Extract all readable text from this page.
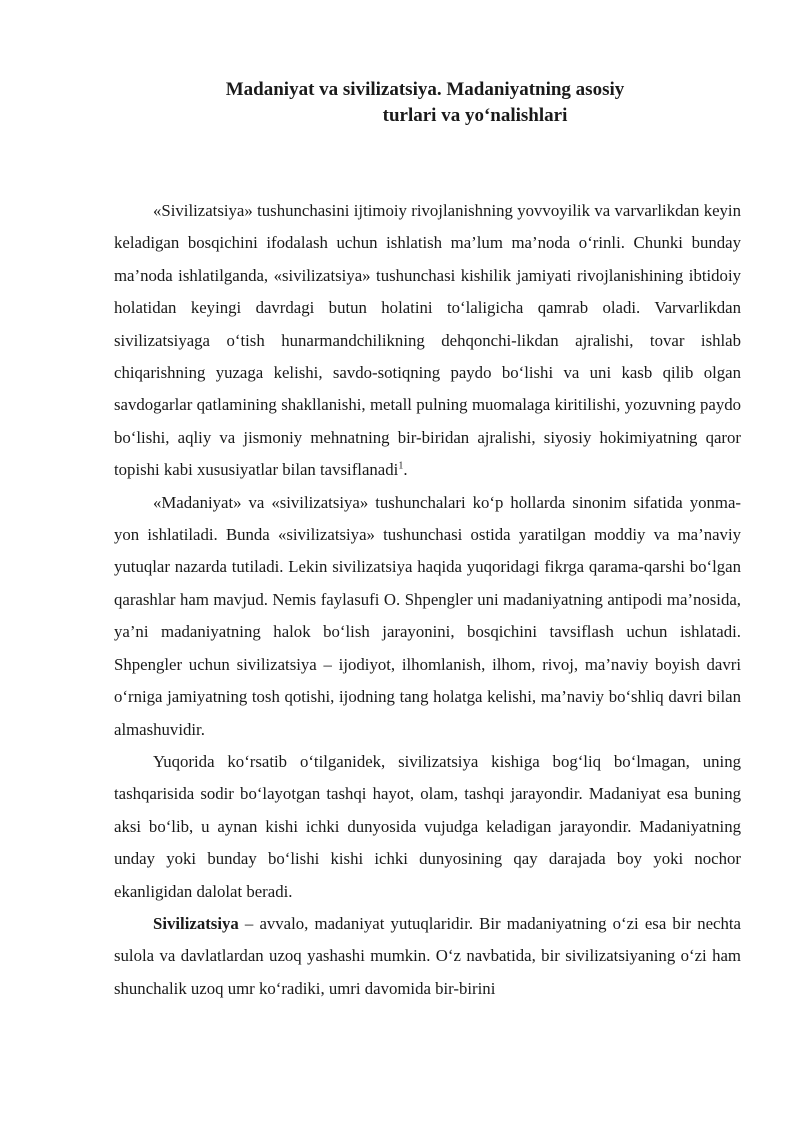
Madaniyat va sivilizatsiya. Madaniyatning asosiy
turlari va yo‘nalishlari

«Sivilizatsiya» tushunchasini ijtimoiy rivojlanishning yovvoyilik va varvarlikdan keyin keladigan bosqichini ifodalash uchun ishlatish ma’lum ma’noda o‘rinli. Chunki bunday ma’noda ishlatilganda, «sivilizatsiya» tushunchasi kishilik jamiyati rivojlanishining ibtidoiy holatidan keyingi davrdagi butun holatini to‘laligicha qamrab oladi. Varvarlikdan sivilizatsiyaga o‘tish hunarmandchilikning dehqonchi-likdan ajralishi, tovar ishlab chiqarishning yuzaga kelishi, savdo-sotiqning paydo bo‘lishi va uni kasb qilib olgan savdogarlar qatlamining shakllanishi, metall pulning muomalaga kiritilishi, yozuvning paydo bo‘lishi, aqliy va jismoniy mehnatning bir-biridan ajralishi, siyosiy hokimiyatning qaror topishi kabi xususiyatlar bilan tavsiflanadi$^1$.

«Madaniyat» va «sivilizatsiya» tushunchalari ko‘p hollarda sinonim sifatida yonma-yon ishlatiladi. Bunda «sivilizatsiya» tushunchasi ostida yaratilgan moddiy va ma’naviy yutuqlar nazarda tutiladi. Lekin sivilizatsiya haqida yuqoridagi fikrga qarama-qarshi bo‘lgan qarashlar ham mavjud. Nemis faylasufi O. Shpengler uni madaniyatning antipodi ma’nosida, ya’ni madaniyatning halok bo‘lish jarayonini, bosqichini tavsiflash uchun ishlatadi. Shpengler uchun sivilizatsiya – ijodiyot, ilhomlanish, ilhom, rivoj, ma’naviy boyish davri o‘rniga jamiyatning tosh qotishi, ijodning tang holatga kelishi, ma’naviy bo‘shliq davri bilan almashuvidir.

Yuqorida ko‘rsatib o‘tilganidek, sivilizatsiya kishiga bog‘liq bo‘lmagan, uning tashqarisida sodir bo‘layotgan tashqi hayot, olam, tashqi jarayondir. Madaniyat esa buning aksi bo‘lib, u aynan kishi ichki dunyosida vujudga keladigan jarayondir. Madaniyatning unday yoki bunday bo‘lishi kishi ichki dunyosining qay darajada boy yoki nochor ekanligidan dalolat beradi.

Sivilizatsiya – avvalo, madaniyat yutuqlaridir. Bir madaniyatning o‘zi esa bir nechta sulola va davlatlardan uzoq yashashi mumkin. O‘z navbatida, bir sivilizatsiyaning o‘zi ham shunchalik uzoq umr ko‘radiki, umri davomida bir-birini
